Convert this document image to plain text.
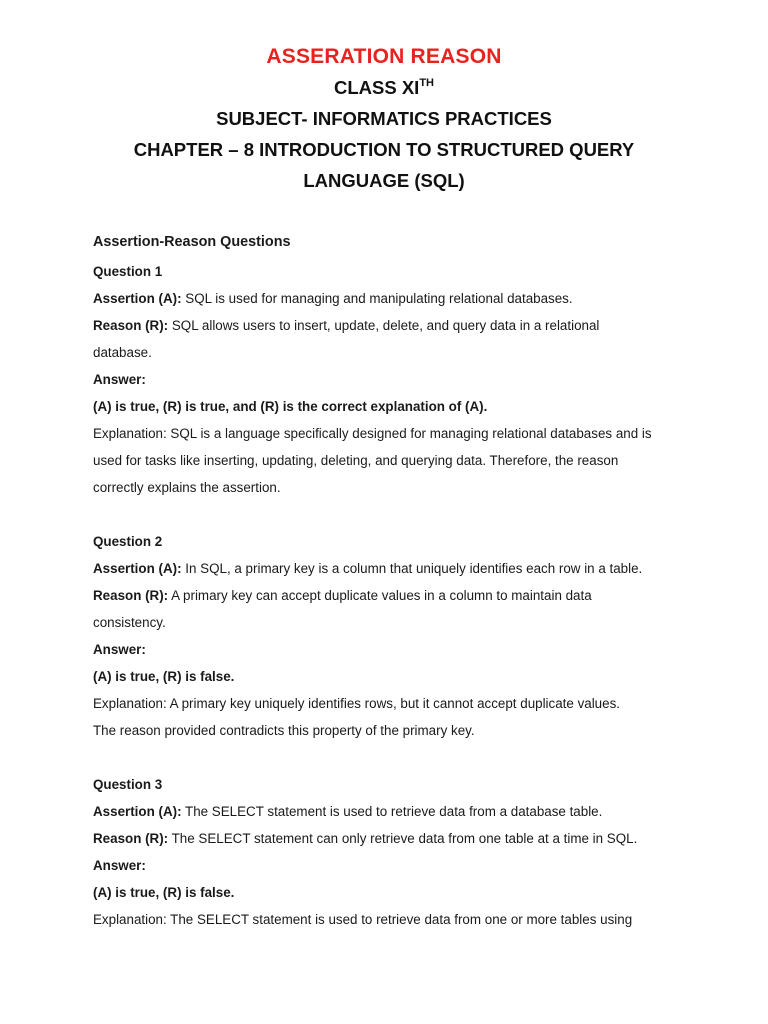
ASSERATION REASON
CLASS XITH
SUBJECT- INFORMATICS PRACTICES
CHAPTER – 8 INTRODUCTION TO STRUCTURED QUERY
LANGUAGE (SQL)
Assertion-Reason Questions
Question 1
Assertion (A): SQL is used for managing and manipulating relational databases.
Reason (R): SQL allows users to insert, update, delete, and query data in a relational
database.
Answer:
(A) is true, (R) is true, and (R) is the correct explanation of (A).
Explanation: SQL is a language specifically designed for managing relational databases and is
used for tasks like inserting, updating, deleting, and querying data. Therefore, the reason
correctly explains the assertion.
Question 2
Assertion (A): In SQL, a primary key is a column that uniquely identifies each row in a table.
Reason (R): A primary key can accept duplicate values in a column to maintain data
consistency.
Answer:
(A) is true, (R) is false.
Explanation: A primary key uniquely identifies rows, but it cannot accept duplicate values.
The reason provided contradicts this property of the primary key.
Question 3
Assertion (A): The SELECT statement is used to retrieve data from a database table.
Reason (R): The SELECT statement can only retrieve data from one table at a time in SQL.
Answer:
(A) is true, (R) is false.
Explanation: The SELECT statement is used to retrieve data from one or more tables using
